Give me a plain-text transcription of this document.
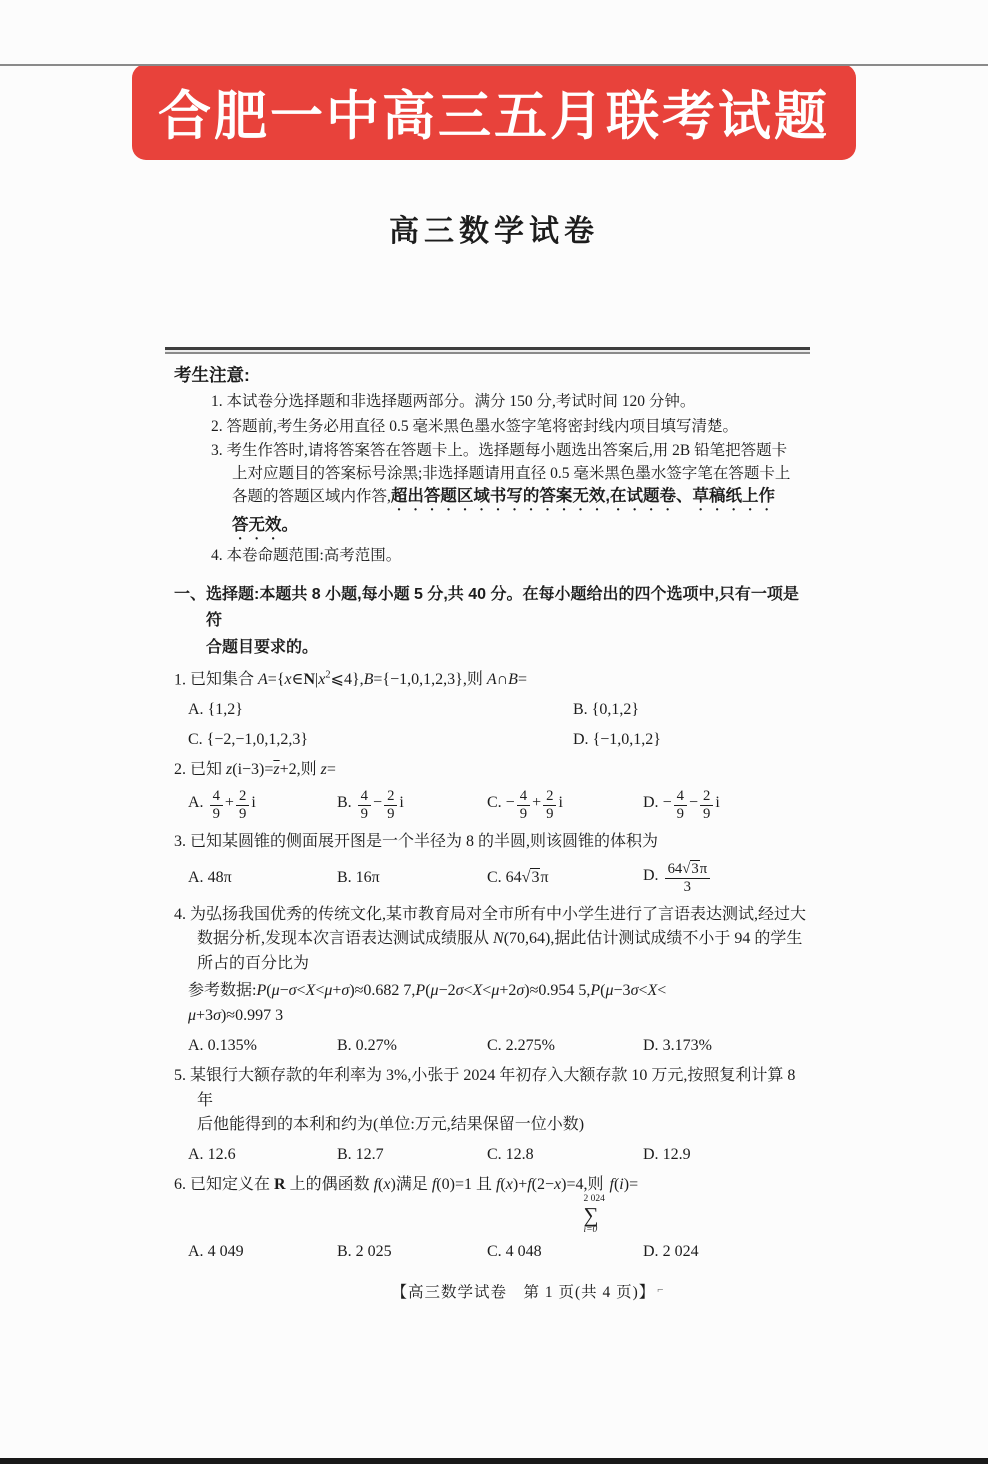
合肥一中高三五月联考试题
高三数学试卷
考生注意:

1. 本试卷分选择题和非选择题两部分。满分 150 分,考试时间 120 分钟。

2. 答题前,考生务必用直径 0.5 毫米黑色墨水签字笔将密封线内项目填写清楚。

3. 考生作答时,请将答案答在答题卡上。选择题每小题选出答案后,用 2B 铅笔把答题卡
上对应题目的答案标号涂黑;非选择题请用直径 0.5 毫米黑色墨水签字笔在答题卡上
各题的答题区域内作答,超出答题区域书写的答案无效,在试题卷、草稿纸上作
答无效。

4. 本卷命题范围:高考范围。

一、选择题:本题共 8 小题,每小题 5 分,共 40 分。在每小题给出的四个选项中,只有一项是符
合题目要求的。

1. 已知集合 $A=\{x\in N|x^2⩽4\},B=\{-1,0,1,2,3\}$,则 A∩B=

A. {1,2}	B. {0,1,2}
C. {−2,−1,0,1,2,3}	D. {−1,0,1,2}

2. 已知 $z(i-3)=\overline{z}+2$,则 z=

A. $\frac{4}{9} + \frac{2}{9}$ i	B. $\frac{4}{9} - \frac{2}{9}$ i	C. − $\frac{4}{9} + \frac{2}{9}$ i	D. − $\frac{4}{9} - \frac{2}{9}$ i

3. 已知某圆锥的侧面展开图是一个半径为 8 的半圆,则该圆锥的体积为

A. 48π	B. 16π	C. 64 √ 3π	D. $\frac{64 √ 3\pi}{3}$

4. 为弘扬我国优秀的传统文化,某市教育局对全市所有中小学生进行了言语表达测试,经过大
数据分析,发现本次言语表达测试成绩服从 N(70,64),据此估计测试成绩不小于 94 的学生
所占的百分比为

参考数据:P(μ−σ<X<μ+σ)≈0.682 7,P(μ−2σ<X<μ+2σ)≈0.954 5,P(μ−3σ<X<
μ+3σ)≈0.997 3

A. 0.135%	B. 0.27%	C. 2.275%	D. 3.173%

5. 某银行大额存款的年利率为 3%,小张于 2024 年初存入大额存款 10 万元,按照复利计算 8 年
后他能得到的本利和约为(单位:万元,结果保留一位小数)

A. 12.6	B. 12.7	C. 12.8	D. 12.9

6. 已知定义在 R 上的偶函数 f(x)满足 f(0)=1 且 f(x)+f(2−x)=4,则
2 024
∑
i=0
f(i)=

A. 4 049	B. 2 025	C. 4 048	D. 2 024
【高三数学试卷　第 1 页(共 4 页)】 ⌐
